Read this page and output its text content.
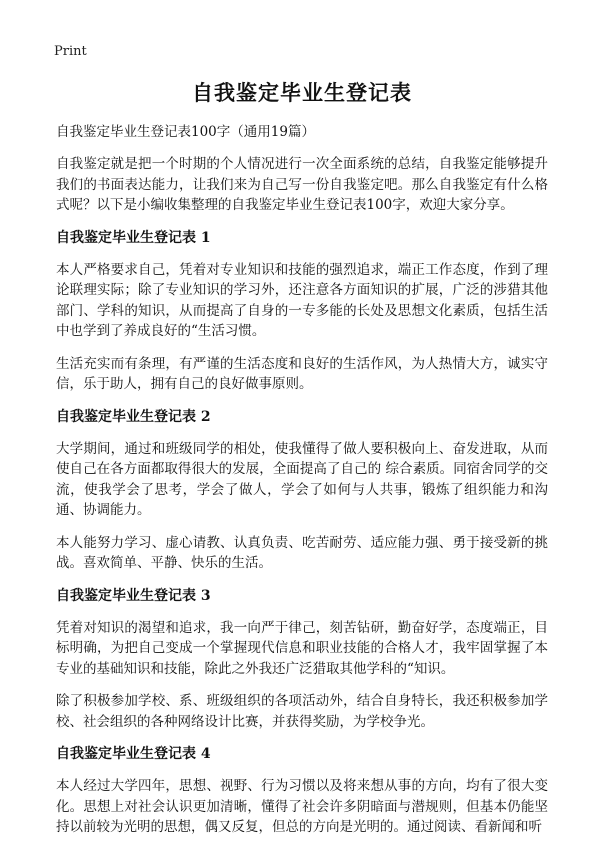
Print
自我鉴定毕业生登记表
自我鉴定毕业生登记表100字（通用19篇）

自我鉴定就是把一个时期的个人情况进行一次全面系统的总结，自我鉴定能够提升我们的书面表达能力，让我们来为自己写一份自我鉴定吧。那么自我鉴定有什么格式呢？以下是小编收集整理的自我鉴定毕业生登记表100字，欢迎大家分享。

自我鉴定毕业生登记表 1

本人严格要求自己，凭着对专业知识和技能的强烈追求，端正工作态度，作到了理论联理实际；除了专业知识的学习外，还注意各方面知识的扩展，广泛的涉猎其他部门、学科的知识，从而提高了自身的一专多能的长处及思想文化素质，包括生活中也学到了养成良好的“生活习惯。

生活充实而有条理，有严谨的生活态度和良好的生活作风，为人热情大方，诚实守信，乐于助人，拥有自己的良好做事原则。

自我鉴定毕业生登记表 2

大学期间，通过和班级同学的相处，使我懂得了做人要积极向上、奋发进取，从而使自己在各方面都取得很大的发展，全面提高了自己的 综合素质。同宿舍同学的交流，使我学会了思考，学会了做人，学会了如何与人共事，锻炼了组织能力和沟通、协调能力。

本人能努力学习、虚心请教、认真负责、吃苦耐劳、适应能力强、勇于接受新的挑战。喜欢简单、平静、快乐的生活。

自我鉴定毕业生登记表 3

凭着对知识的渴望和追求，我一向严于律己，刻苦钻研，勤奋好学，态度端正，目标明确，为把自己变成一个掌握现代信息和职业技能的合格人才，我牢固掌握了本专业的基础知识和技能，除此之外我还广泛猎取其他学科的“知识。

除了积极参加学校、系、班级组织的各项活动外，结合自身特长，我还积极参加学校、社会组织的各种网络设计比赛，并获得奖励，为学校争光。

自我鉴定毕业生登记表 4

本人经过大学四年，思想、视野、行为习惯以及将来想从事的方向，均有了很大变化。思想上对社会认识更加清晰，懂得了社会许多阴暗面与潜规则，但基本仍能坚持以前较为光明的思想，偶又反复，但总的方向是光明的。通过阅读、看新闻和听
